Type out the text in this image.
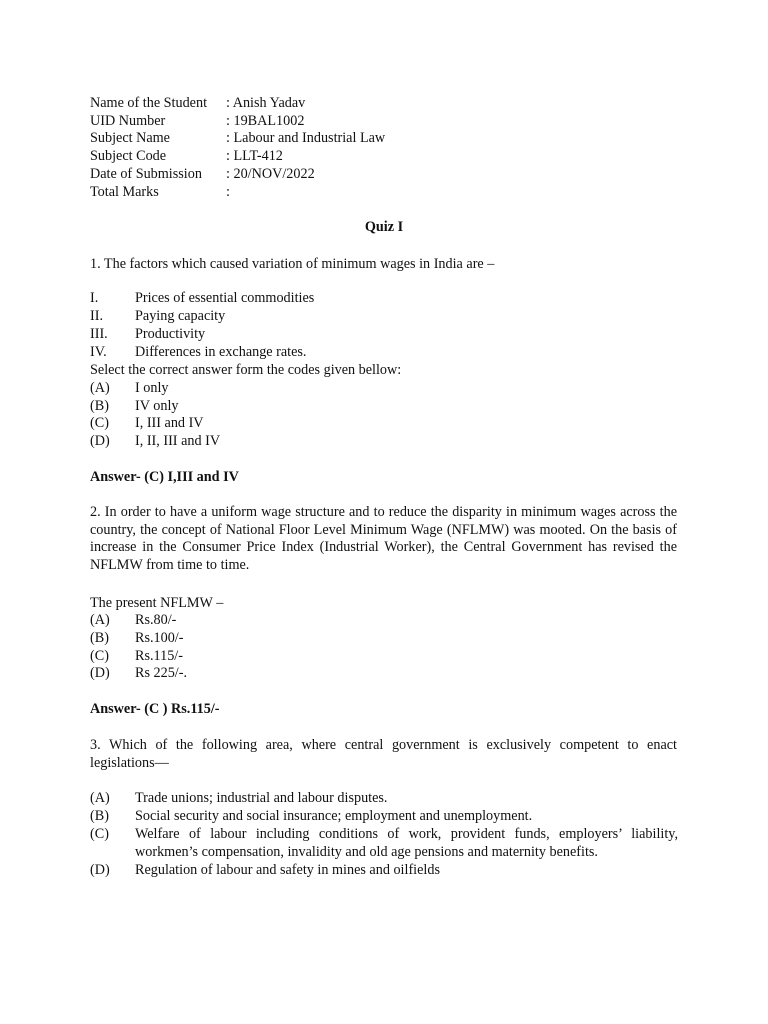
Name of the Student : Anish Yadav
UID Number	: 19BAL1002
Subject Name	: Labour and Industrial Law
Subject Code	: LLT-412
Date of Submission : 20/NOV/2022
Total Marks	:
Quiz I
1. The factors which caused variation of minimum wages in India are –
I.	Prices of essential commodities
II. Paying capacity
III. Productivity
IV. Differences in exchange rates.
Select the correct answer form the codes given bellow:
(A) I only
(B) IV only
(C) I, III and IV
(D) I, II, III and IV
Answer- (C) I,III and IV

2. In order to have a uniform wage structure and to reduce the disparity in minimum wages across the country, the concept of National Floor Level Minimum Wage (NFLMW) was mooted. On the basis of increase in the Consumer Price Index (Industrial Worker), the Central Government has revised the NFLMW from time to time.

The present NFLMW –
(A) Rs.80/-
(B) Rs.100/-
(C) Rs.115/-
(D) Rs 225/-.
Answer- (C ) Rs.115/-

3. Which of the following area, where central government is exclusively competent to enact legislations—

(A) Trade unions; industrial and labour disputes.
(B) Social security and social insurance; employment and unemployment.
(C) Welfare of labour including conditions of work, provident funds, employers’ liability, workmen’s compensation, invalidity and old age pensions and maternity benefits.
(D) Regulation of labour and safety in mines and oilfields
